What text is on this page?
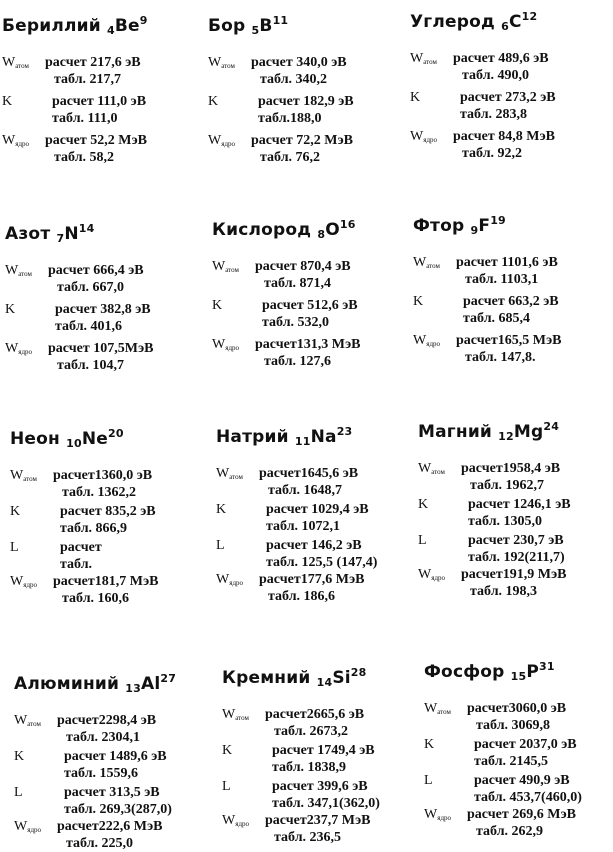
Бериллий $_4Be^9$
$W_{атом}$ расчет 217,6 эВ
табл. 217,7
K	расчет 111,0 эВ
табл. 111,0
$W_{ядро}$ расчет 52,2 МэВ
табл. 58,2
Бор $_5B^{11}$
$W_{атом}$ расчет 340,0 эВ
табл. 340,2
K	расчет 182,9 эВ
табл.188,0
$W_{ядро}$ расчет 72,2 МэВ
табл. 76,2
Углерод $_6C^{12}$
$W_{атом}$ расчет 489,6 эВ
табл. 490,0
K	расчет 273,2 эВ
табл. 283,8
$W_{ядро}$ расчет 84,8 МэВ
табл. 92,2
Азот $_7N^{14}$
$W_{атом}$ расчет 666,4 эВ
табл. 667,0
K	расчет 382,8 эВ
табл. 401,6
$W_{ядро}$ расчет 107,5МэВ
табл. 104,7
Кислород $_8O^{16}$
$W_{атом}$ расчет 870,4 эВ
табл. 871,4
K	расчет 512,6 эВ
табл. 532,0
$W_{ядро}$ расчет131,3 МэВ
табл. 127,6
Фтор $_9F^{19}$
$W_{атом}$ расчет 1101,6 эВ
табл. 1103,1
K	расчет 663,2 эВ
табл. 685,4
$W_{ядро}$ расчет165,5 МэВ
табл. 147,8.
Неон $_{10}Ne^{20}$
$W_{атом}$ расчет1360,0 эВ
табл. 1362,2
K	расчет 835,2 эВ
табл. 866,9
L	расчет
табл.
$W_{ядро}$ расчет181,7 МэВ
табл. 160,6
Натрий $_{11}Na^{23}$
$W_{атом}$ расчет1645,6 эВ
табл. 1648,7
K	расчет 1029,4 эВ
табл. 1072,1
L	расчет 146,2 эВ
табл. 125,5 (147,4)
$W_{ядро}$ расчет177,6 МэВ
табл. 186,6
Магний $_{12}Mg^{24}$
$W_{атом}$ расчет1958,4 эВ
табл. 1962,7
K	расчет 1246,1 эВ
табл. 1305,0
L	расчет 230,7 эВ
табл. 192(211,7)
$W_{ядро}$ расчет191,9 МэВ
табл. 198,3
Алюминий $_{13}Al^{27}$
$W_{атом}$ расчет2298,4 эВ
табл. 2304,1
K	расчет 1489,6 эВ
табл. 1559,6
L	расчет 313,5 эВ
табл. 269,3(287,0)
$W_{ядро}$ расчет222,6 МэВ
табл. 225,0
Кремний $_{14}Si^{28}$
$W_{атом}$ расчет2665,6 эВ
табл. 2673,2
K	расчет 1749,4 эВ
табл. 1838,9
L	расчет 399,6 эВ
табл. 347,1(362,0)
$W_{ядро}$ расчет237,7 МэВ
табл. 236,5
Фосфор $_{15}P^{31}$
$W_{атом}$ расчет3060,0 эВ
табл. 3069,8
K	расчет 2037,0 эВ
табл. 2145,5
L	расчет 490,9 эВ
табл. 453,7(460,0)
$W_{ядро}$ расчет 269,6 МэВ
табл. 262,9
